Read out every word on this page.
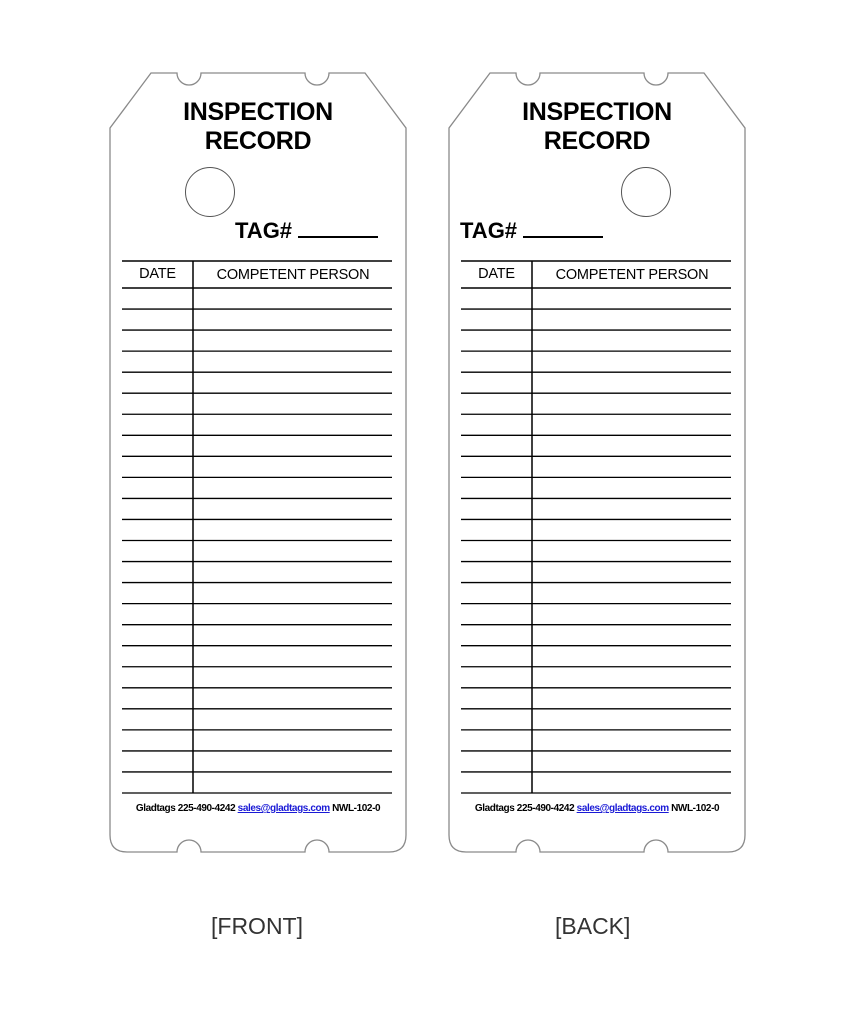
INSPECTION
RECORD
TAG#
DATE	COMPETENT PERSON
Gladtags 225-490-4242 sales@gladtags.com NWL-102-0
INSPECTION
RECORD
TAG#
DATE	COMPETENT PERSON
Gladtags 225-490-4242 sales@gladtags.com NWL-102-0
[FRONT]	[BACK]
